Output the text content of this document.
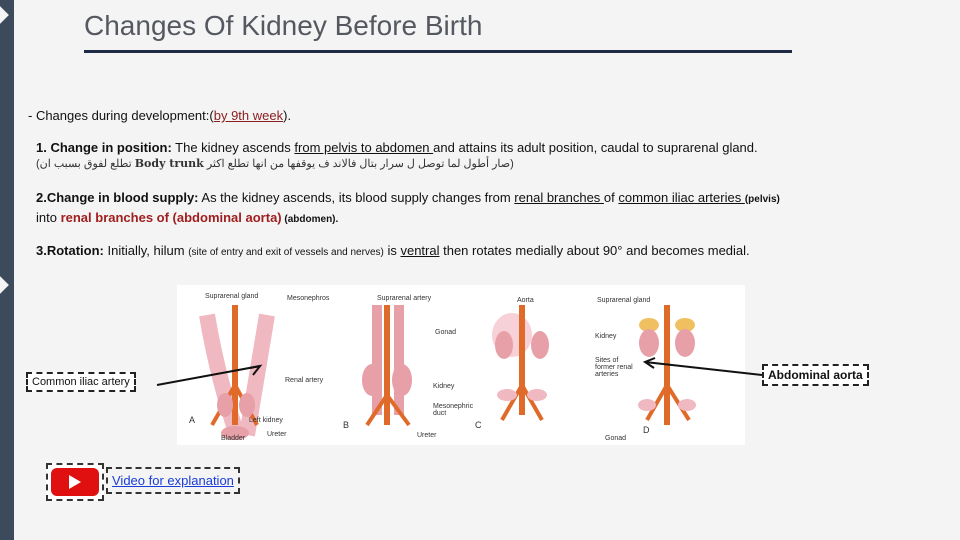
Changes Of Kidney Before Birth
- Changes during development:(by 9th week).
1. Change in position: The kidney ascends from pelvis to abdomen and attains its adult position, caudal to suprarenal gland.
(تطلع لفوق بسبب ان Body trunk صار أطول لما توصل ل سرار بتال فالاند ف يوقفها من انها تطلع اكثر)
2.Change in blood supply: As the kidney ascends, its blood supply changes from renal branches of common iliac arteries (pelvis)
into renal branches of (abdominal aorta) (abdomen).
3.Rotation: Initially, hilum (site of entry and exit of vessels and nerves) is ventral then rotates medially about 90° and becomes medial.
Suprarenal gland	Mesonephros	Suprarenal artery	Aorta	Suprarenal gland
Gonad
Kidney
Renal artery
Kidney
Mesonephric duct
Sites of former renal arteries
Left kidney
Ureter	Ureter
Bladder	Gonad
A	B	C	D
Common iliac artery	Abdominal aorta
Video for explanation
